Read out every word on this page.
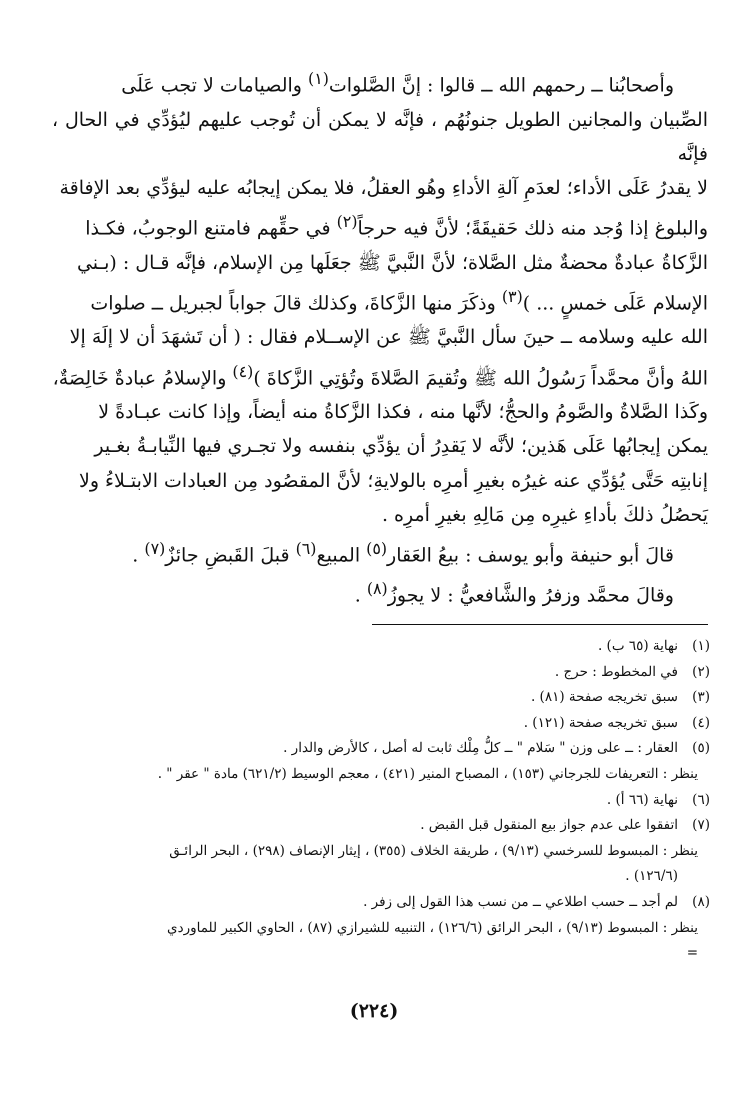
وأصحابُنا ــ رحمهم الله ــ قالوا : إنَّ الصَّلوات$^{(١)}$ والصيامات لا تجب عَلَى

الصِّبيان والمجانين الطويل جنونُهُم ، فإنَّه لا يمكن أن تُوجب عليهم ليُؤدِّي في الحال ، فإنَّه

لا يقدرُ عَلَى الأداء؛ لعدَمِ آلةِ الأداءِ وهُو العقلُ، فلا يمكن إيجابُه عليه ليؤدِّي بعد الإفاقة

والبلوغ إذا وُجد منه ذلك حَقيقَةً؛ لأنَّ فيه حرجاً$^{(٢)}$ في حقِّهم فامتنع الوجوبُ، فكـذا

الزَّكاةُ عبادةٌ محضةٌ مثل الصَّلاة؛ لأنَّ النَّبيَّ ﷺ جعَلَها مِن الإسلام، فإنَّه قـال : (بـني

الإسلام عَلَى خمسٍ ... )$^{(٣)}$ وذكَرَ منها الزَّكاةَ، وكذلك قالَ جواباً لجبريل ــ صلوات

الله عليه وسلامه ــ حينَ سأل النَّبيَّ ﷺ عن الإســلام فقال : ( أن تَشهَدَ أن لا إلَهَ إلا

اللهُ وأنَّ محمَّداً رَسُولُ الله ﷺ وتُقيمَ الصَّلاةَ وتُؤتِي الزَّكاةَ )$^{(٤)}$ والإسلامُ عبادةٌ خَالِصَةٌ،

وكَذا الصَّلاةُ والصَّومُ والحجُّ؛ لأنَّها منه ، فكذا الزَّكاةُ منه أيضاً، وإذا كانت عبـادةً لا

يمكن إيجابُها عَلَى هَذين؛ لأنَّه لا يَقدِرُ أن يؤدِّي بنفسه ولا تجـري فيها النِّيابـةُ بغـير

إنابتِه حَتَّى يُؤدِّي عنه غيرُه بغيرِ أمرِه بالولايةِ؛ لأنَّ المقصُود مِن العبادات الابتـلاءُ ولا

يَحصُلُ ذلكَ بأداءِ غيرِه مِن مَالِهِ بغيرِ أمرِه .

قالَ أبو حنيفة وأبو يوسف : بيعُ العَقار$^{(٥)}$ المبيع$^{(٦)}$ قبلَ القَبضِ جائزٌ$^{(٧)}$ .

وقالَ محمَّد وزفرُ والشَّافعيُّ : لا يجوزُ$^{(٨)}$ .

(١)نهاية (٦٥ ب) .

(٢)في المخطوط : حرج .

(٣)سبق تخريجه صفحة (٨١) .

(٤)سبق تخريجه صفحة (١٢١) .

(٥)العقار : ــ على وزن " سَلام " ــ كلُّ مِلْك ثابت له أصل ، كالأرض والدار .

ينظر : التعريفات للجرجاني (١٥٣) ، المصباح المنير (٤٢١) ، معجم الوسيط (٦٢١/٢) مادة " عقر " .

(٦)نهاية (٦٦ أ) .

(٧)اتفقوا على عدم جواز بيع المنقول قبل القبض .

ينظر : المبسوط للسرخسي (٩/١٣) ، طريقة الخلاف (٣٥٥) ، إيثار الإنصاف (٢٩٨) ، البحر الرائـق

(١٢٦/٦) .

(٨)لم أجد ــ حسب اطلاعي ــ من نسب هذا القول إلى زفر .

ينظر : المبسوط (٩/١٣) ، البحر الرائق (١٢٦/٦) ، التنبيه للشيرازي (٨٧) ، الحاوي الكبير للماوردي

=

(٢٢٤)
